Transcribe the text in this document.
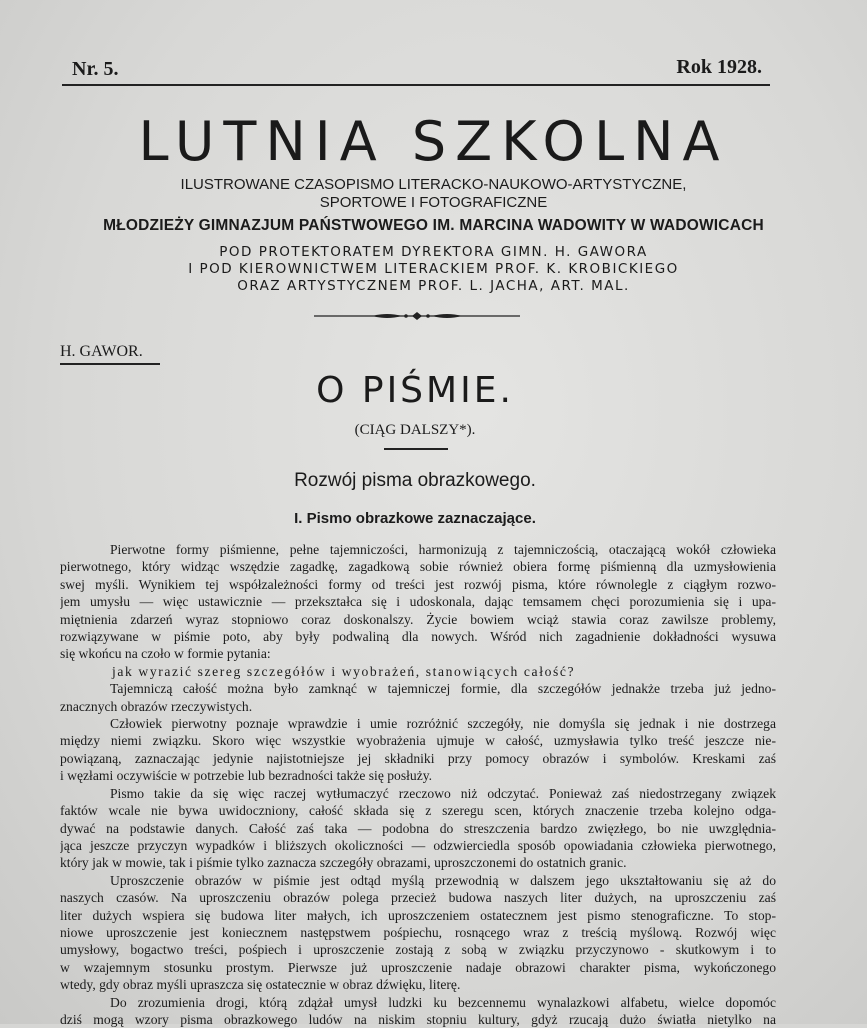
Nr. 5.	Rok 1928.
LUTNIA SZKOLNA
ILUSTROWANE CZASOPISMO LITERACKO-NAUKOWO-ARTYSTYCZNE,
SPORTOWE I FOTOGRAFICZNE
MŁODZIEŻY GIMNAZJUM PAŃSTWOWEGO IM. MARCINA WADOWITY W WADOWICACH
POD PROTEKTORATEM DYREKTORA GIMN. H. GAWORA
I POD KIEROWNICTWEM LITERACKIEM PROF. K. KROBICKIEGO
ORAZ ARTYSTYCZNEM PROF. L. JACHA, ART. MAL.
H. GAWOR.
O PIŚMIE.
(CIĄG DALSZY*).
Rozwój pisma obrazkowego.
I. Pismo obrazkowe zaznaczające.
Pierwotne formy piśmienne, pełne tajemniczości, harmonizują z tajemniczością, otaczającą wokół człowieka
pierwotnego, który widząc wszędzie zagadkę, zagadkową sobie również obiera formę piśmienną dla uzmysłowienia
swej myśli. Wynikiem tej współzależności formy od treści jest rozwój pisma, które równolegle z ciągłym rozwo-
jem umysłu — więc ustawicznie — przekształca się i udoskonala, dając temsamem chęci porozumienia się i upa-
miętnienia zdarzeń wyraz stopniowo coraz doskonalszy. Życie bowiem wciąż stawia coraz zawilsze problemy,
rozwiązywane w piśmie poto, aby były podwaliną dla nowych. Wśród nich zagadnienie dokładności wysuwa
się wkońcu na czoło w formie pytania:
jak wyrazić szereg szczegółów i wyobrażeń, stanowiących całość?
Tajemniczą całość można było zamknąć w tajemniczej formie, dla szczegółów jednakże trzeba już jedno-
znacznych obrazów rzeczywistych.
Człowiek pierwotny poznaje wprawdzie i umie rozróżnić szczegóły, nie domyśla się jednak i nie dostrzega
między niemi związku. Skoro więc wszystkie wyobrażenia ujmuje w całość, uzmysławia tylko treść jeszcze nie-
powiązaną, zaznaczając jedynie najistotniejsze jej składniki przy pomocy obrazów i symbolów. Kreskami zaś
i węzłami oczywiście w potrzebie lub bezradności także się posłuży.
Pismo takie da się więc raczej wytłumaczyć rzeczowo niż odczytać. Ponieważ zaś niedostrzegany związek
faktów wcale nie bywa uwidoczniony, całość składa się z szeregu scen, których znaczenie trzeba kolejno odga-
dywać na podstawie danych. Całość zaś taka — podobna do streszczenia bardzo zwięzłego, bo nie uwzględnia-
jąca jeszcze przyczyn wypadków i bliższych okoliczności — odzwierciedla sposób opowiadania człowieka pierwotnego,
który jak w mowie, tak i piśmie tylko zaznacza szczegóły obrazami, uproszczonemi do ostatnich granic.
Uproszczenie obrazów w piśmie jest odtąd myślą przewodnią w dalszem jego ukształtowaniu się aż do
naszych czasów. Na uproszczeniu obrazów polega przecież budowa naszych liter dużych, na uproszczeniu zaś
liter dużych wspiera się budowa liter małych, ich uproszczeniem ostatecznem jest pismo stenograficzne. To stop-
niowe uproszczenie jest koniecznem następstwem pośpiechu, rosnącego wraz z treścią myślową. Rozwój więc
umysłowy, bogactwo treści, pośpiech i uproszczenie zostają z sobą w związku przyczynowo - skutkowym i to
w wzajemnym stosunku prostym. Pierwsze już uproszczenie nadaje obrazowi charakter pisma, wykończonego
wtedy, gdy obraz myśli upraszcza się ostatecznie w obraz dźwięku, literę.
Do zrozumienia drogi, którą zdążał umysł ludzki ku bezcennemu wynalazkowi alfabetu, wielce dopomóc
dziś mogą wzory pisma obrazkowego ludów na niskim stopniu kultury, gdyż rzucają dużo światła nietylko na
